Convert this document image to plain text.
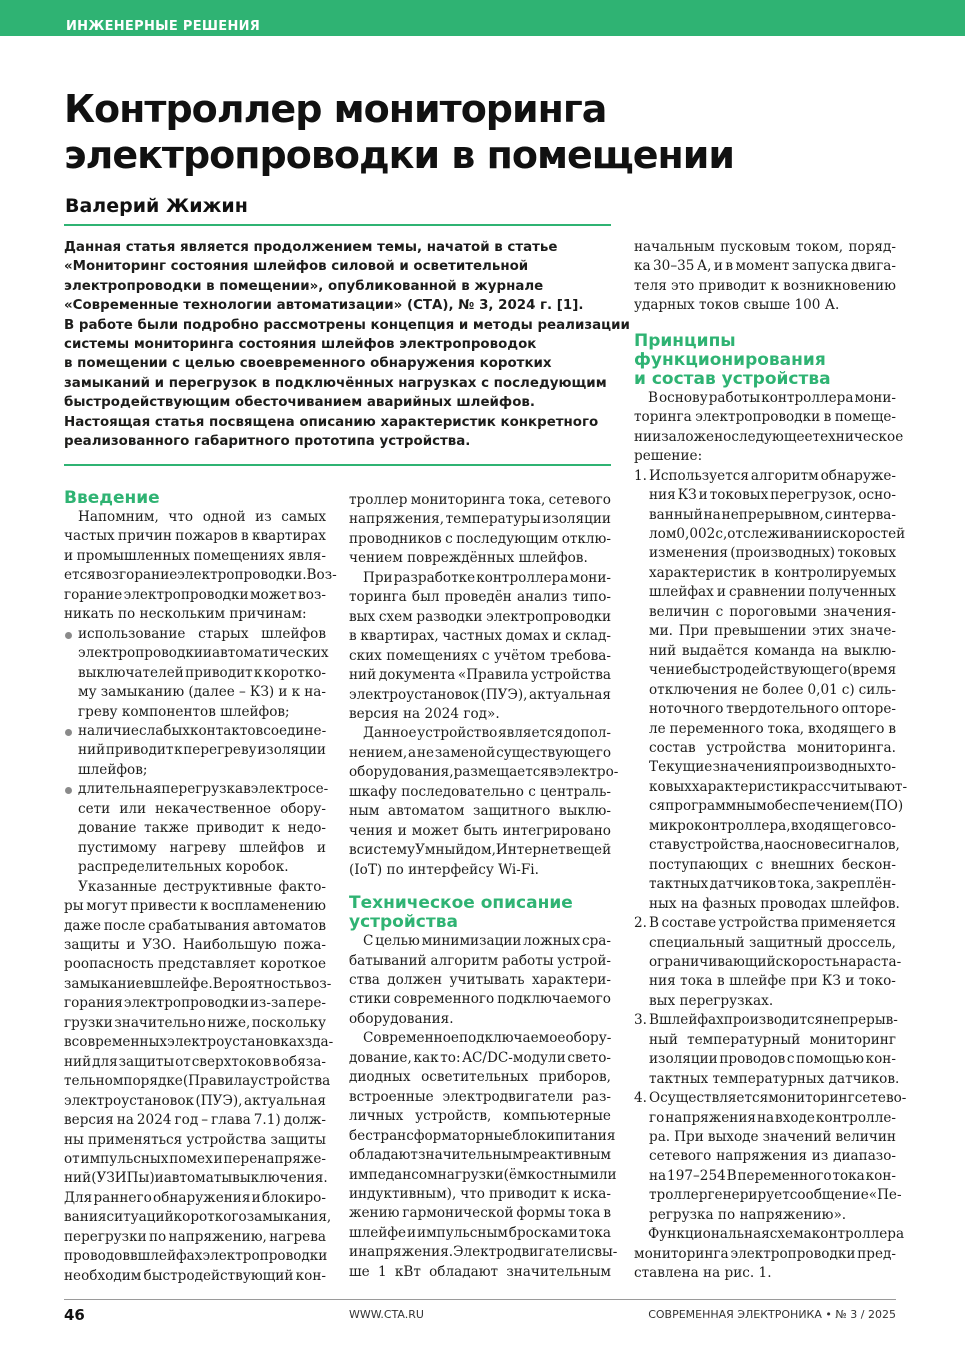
ИНЖЕНЕРНЫЕ РЕШЕНИЯ
Контроллер мониторинга
электропроводки в помещении
Валерий Жижин
Данная статья является продолжением темы, начатой в статье
«Мониторинг состояния шлейфов силовой и осветительной
электропроводки в помещении», опубликованной в журнале
«Современные технологии автоматизации» (СТА), № 3, 2024 г. [1].
В работе были подробно рассмотрены концепция и методы реализации
системы мониторинга состояния шлейфов электропроводок
в помещении с целью своевременного обнаружения коротких
замыканий и перегрузок в подключённых нагрузках с последующим
быстродействующим обесточиванием аварийных шлейфов.
Настоящая статья посвящена описанию характеристик конкретного
реализованного габаритного прототипа устройства.
Введение
Напомним, что одной из самых
частых причин пожаров в квартирах
и промышленных помещениях явля-
ется возгорание электропроводки. Воз-
горание электропроводки может воз-
никать по нескольким причинам:
использование старых шлейфов
электропроводки и автоматических
выключателей приводит к коротко-
му замыканию (далее – КЗ) и к на-
греву компонентов шлейфов;
наличие слабых контактов соедине-
ний приводит к перегреву изоляции
шлейфов;
длительная перегрузка в электросе-
сети или некачественное обору-
дование также приводит к недо-
пустимому нагреву шлейфов и
распределительных коробок.
Указанные деструктивные факто-
ры могут привести к воспламенению
даже после срабатывания автоматов
защиты и УЗО. Наибольшую пожа-
роопасность представляет короткое
замыкание в шлейфе. Вероятность воз-
горания электропроводки из-за пере-
грузки значительно ниже, поскольку
в современных электроустановках зда-
ний для защиты от сверхтоков в обяза-
тельном порядке (Правила устройства
электроустановок (ПУЭ), актуальная
версия на 2024 год – глава 7.1) долж-
ны применяться устройства защиты
от импульсных помех и перенапряже-
ний (УЗИПы) и автоматы выключения.
Для раннего обнаружения и блокиро-
вания ситуаций короткого замыкания,
перегрузки по напряжению, нагрева
проводов в шлейфах электропроводки
необходим быстродействующий кон-
троллер мониторинга тока, сетевого
напряжения, температуры изоляции
проводников с последующим отклю-
чением повреждённых шлейфов.
При разработке контроллера мони-
торинга был проведён анализ типо-
вых схем разводки электропроводки
в квартирах, частных домах и склад-
ских помещениях с учётом требова-
ний документа «Правила устройства
электроустановок (ПУЭ), актуальная
версия на 2024 год».
Данное устройство является допол-
нением, а не заменой существующего
оборудования, размещается в электро-
шкафу последовательно с централь-
ным автоматом защитного выклю-
чения и может быть интегрировано
в систему Умный дом, Интернет вещей
(IoT) по интерфейсу Wi-Fi.
Техническое описание
устройства
С целью минимизации ложных сра-
батываний алгоритм работы устрой-
ства должен учитывать характери-
стики современного подключаемого
оборудования.
Современное подключаемое обору-
дование, как то: AC/DC-модули свето-
диодных осветительных приборов,
встроенные электродвигатели раз-
личных устройств, компьютерные
бестрансформаторные блоки питания
обладают значительным реактивным
импедансом нагрузки (ёмкостным или
индуктивным), что приводит к иска-
жению гармонической формы тока в
шлейфе и импульсным бросками тока
и напряжения. Электродвигатели свы-
ше 1 кВт обладают значительным
начальным пусковым током, поряд-
ка 30–35 А, и в момент запуска двига-
теля это приводит к возникновению
ударных токов свыше 100 А.
Принципы
функционирования
и состав устройства
В основу работы контроллера мони-
торинга электропроводки в помеще-
нии заложено следующее техническое
решение:
1. Используется алгоритм обнаруже-
ния КЗ и токовых перегрузок, осно-
ванный на непрерывном, с интерва-
лом 0,002 с, отслеживании скоростей
изменения (производных) токовых
характеристик в контролируемых
шлейфах и сравнении полученных
величин с пороговыми значения-
ми. При превышении этих значе-
ний выдаётся команда на выклю-
чение быстродействующего (время
отключения не более 0,01 с) силь-
ноточного твердотельного опторе-
ле переменного тока, входящего в
состав устройства мониторинга.
Текущие значения производных то-
ковых характеристик рассчитывают-
ся программным обеспечением (ПО)
микроконтроллера, входящего в со-
став устройства, на основе сигналов,
поступающих с внешних бескон-
тактных датчиков тока, закреплён-
ных на фазных проводах шлейфов.
2. В составе устройства применяется
специальный защитный дроссель,
ограничивающий скорость нараста-
ния тока в шлейфе при КЗ и токо-
вых перегрузках.
3. В шлейфах производится непрерыв-
ный температурный мониторинг
изоляции проводов с помощью кон-
тактных температурных датчиков.
4. Осуществляется мониторинг сетево-
го напряжения на входе контролле-
ра. При выходе значений величин
сетевого напряжения из диапазо-
на 197–254 В переменного тока кон-
троллер генерирует сообщение «Пе-
регрузка по напряжению».
Функциональная схема контроллера
мониторинга электропроводки пред-
ставлена на рис. 1.
46	WWW.CTA.RU	СОВРЕМЕННАЯ ЭЛЕКТРОНИКА • № 3 / 2025
